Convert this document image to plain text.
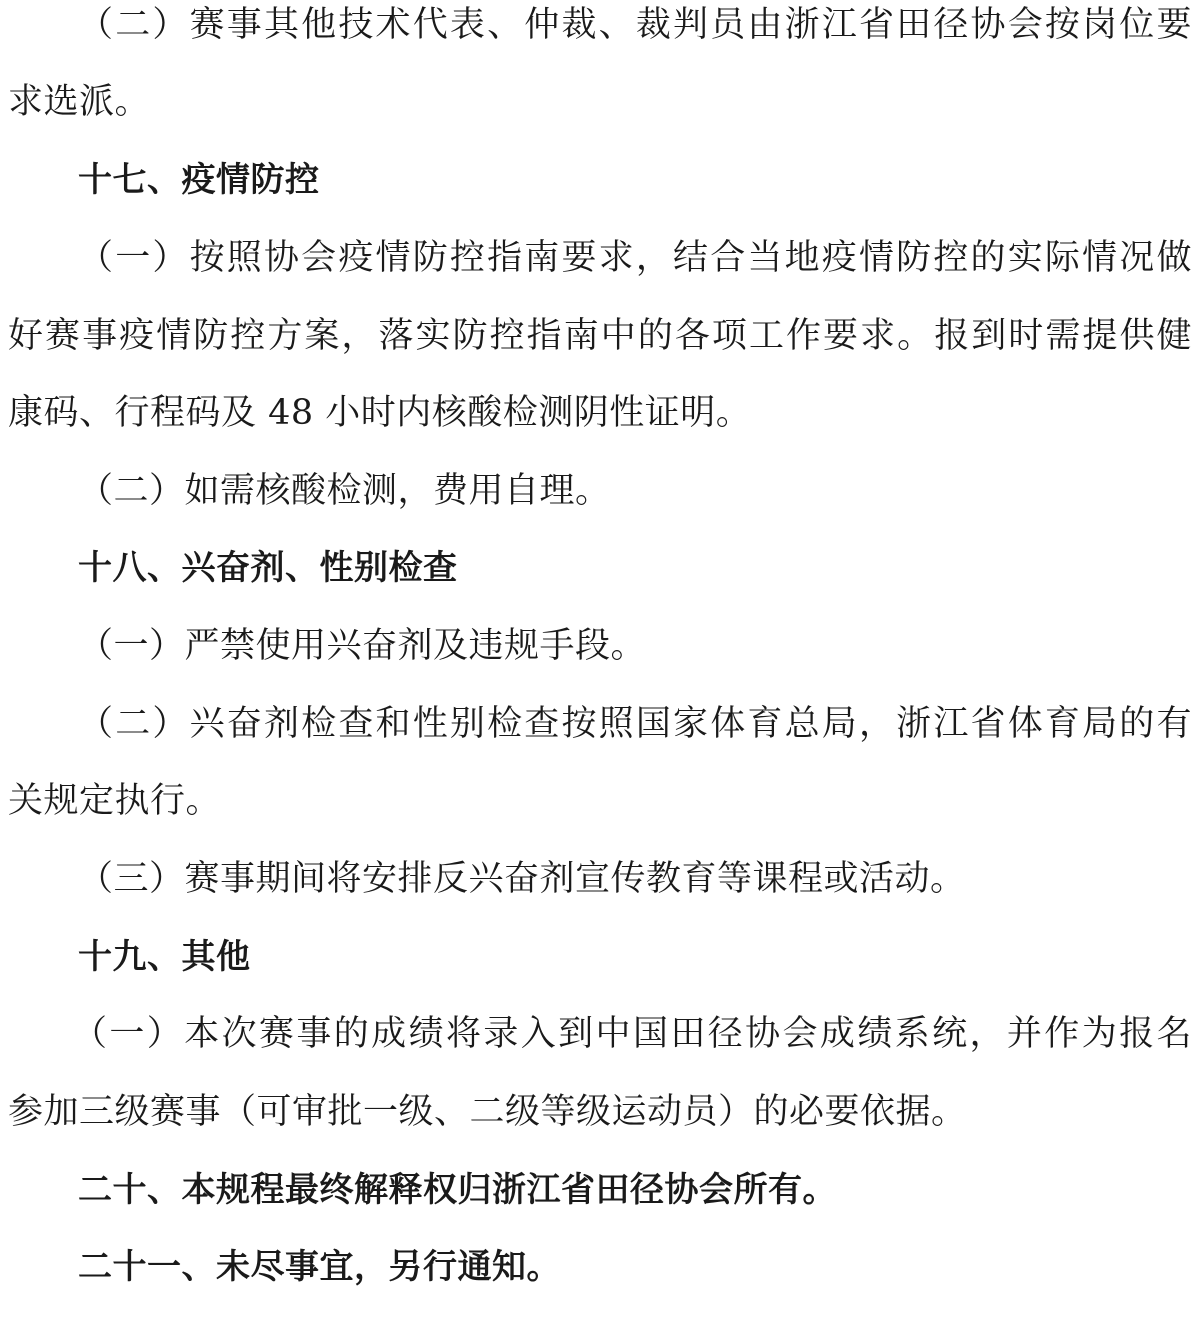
（二）赛事其他技术代表、仲裁、裁判员由浙江省田径协会按岗位要
求选派。
十七、疫情防控
（一）按照协会疫情防控指南要求，结合当地疫情防控的实际情况做
好赛事疫情防控方案，落实防控指南中的各项工作要求。报到时需提供健
康码、行程码及 48 小时内核酸检测阴性证明。
（二）如需核酸检测，费用自理。
十八、兴奋剂、性别检查
（一）严禁使用兴奋剂及违规手段。
（二）兴奋剂检查和性别检查按照国家体育总局，浙江省体育局的有
关规定执行。
（三）赛事期间将安排反兴奋剂宣传教育等课程或活动。
十九、其他
（一）本次赛事的成绩将录入到中国田径协会成绩系统，并作为报名
参加三级赛事（可审批一级、二级等级运动员）的必要依据。
二十、本规程最终解释权归浙江省田径协会所有。
二十一、未尽事宜，另行通知。
